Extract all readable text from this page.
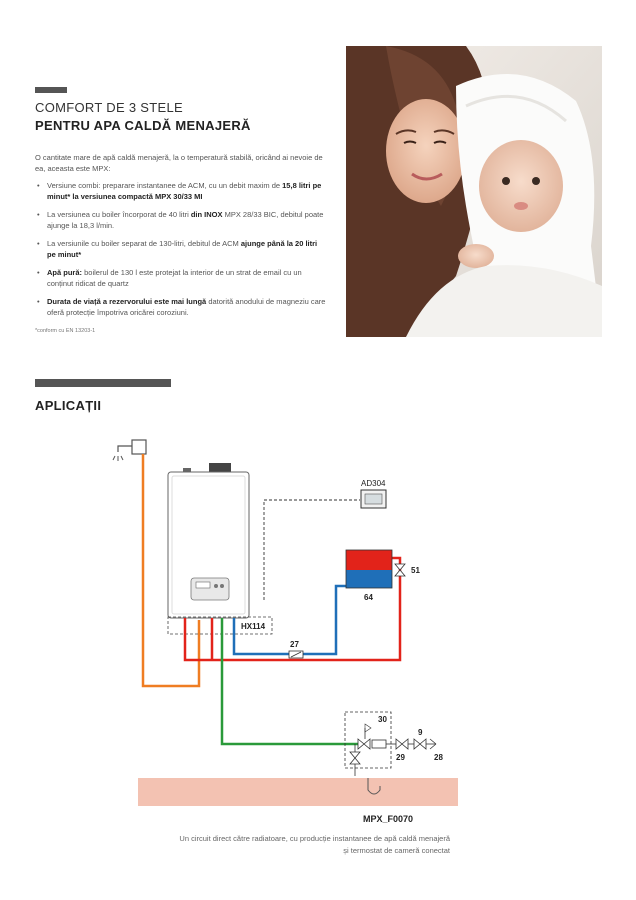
COMFORT DE 3 STELE
PENTRU APA CALDĂ MENAJERĂ
O cantitate mare de apă caldă menajeră, la o temperatură stabilă, oricând ai nevoie de ea, aceasta este MPX:
• Versiune combi: preparare instantanee de ACM, cu un debit maxim de 15,8 litri pe minut* la versiunea compactă MPX 30/33 MI
• La versiunea cu boiler încorporat de 40 litri din INOX MPX 28/33 BIC, debitul poate ajunge la 18,3 l/min.
• La versiunile cu boiler separat de 130-litri, debitul de ACM ajunge până la 20 litri pe minut*
• Apă pură: boilerul de 130 l este protejat la interior de un strat de email cu un conținut ridicat de quartz
• Durata de viață a rezervorului este mai lungă datorită anodului de magneziu care oferă protecție împotriva oricărei coroziuni.
*conform cu EN 13203-1
APLICAȚII
HX114
AD304
64
51
27
30
9
29	28
MPX_F0070
Un circuit direct către radiatoare, cu producție instantanee de apă caldă menajeră
și termostat de cameră conectat
